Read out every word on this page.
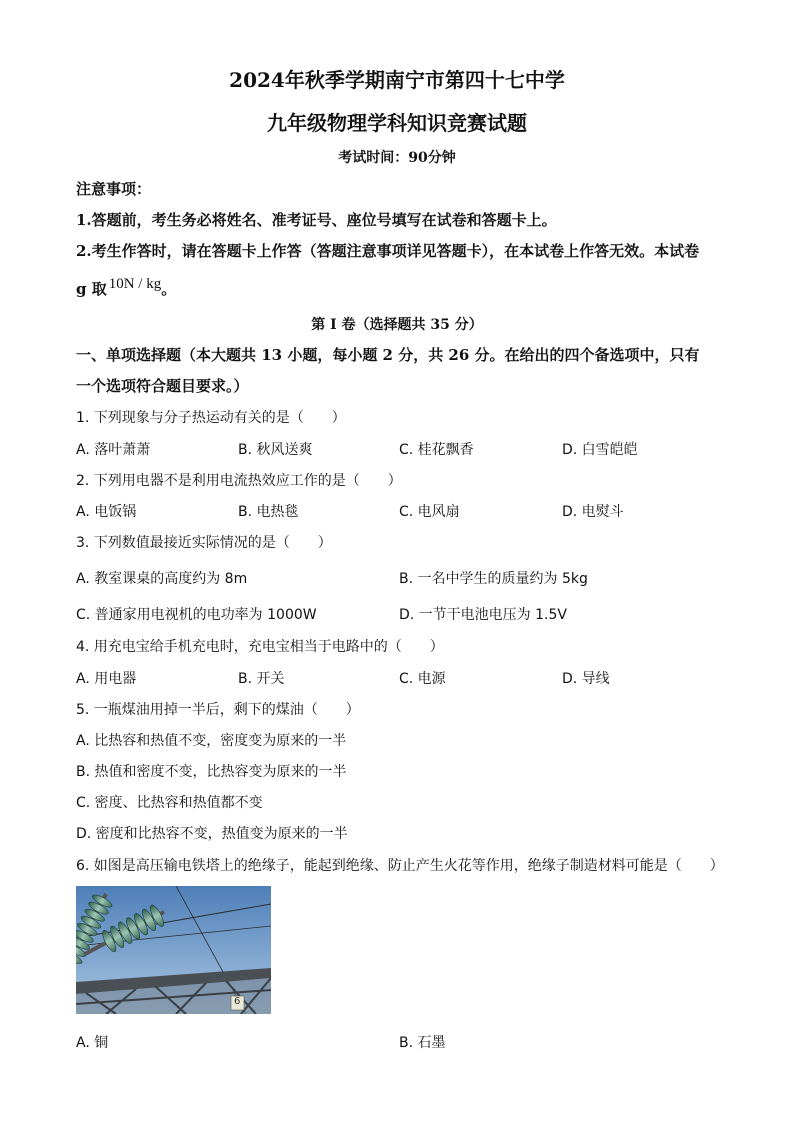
2024年秋季学期南宁市第四十七中学
九年级物理学科知识竞赛试题
考试时间：90分钟
注意事项：
1.答题前，考生务必将姓名、准考证号、座位号填写在试卷和答题卡上。
2.考生作答时，请在答题卡上作答（答题注意事项详见答题卡），在本试卷上作答无效。本试卷
g 取 10N / kg。
第 I 卷（选择题共 35 分）
一、单项选择题（本大题共 13 小题，每小题 2 分，共 26 分。在给出的四个备选项中，只有
一个选项符合题目要求。）
1. 下列现象与分子热运动有关的是（　　）
A. 落叶萧萧	B. 秋风送爽	C. 桂花飘香	D. 白雪皑皑
2. 下列用电器不是利用电流热效应工作的是（　　）
A. 电饭锅	B. 电热毯	C. 电风扇	D. 电熨斗
3. 下列数值最接近实际情况的是（　　）
A. 教室课桌的高度约为 8m	B. 一名中学生的质量约为 5kg
C. 普通家用电视机的电功率为 1000W	D. 一节干电池电压为 1.5V
4. 用充电宝给手机充电时，充电宝相当于电路中的（　　）
A. 用电器	B. 开关	C. 电源	D. 导线
5. 一瓶煤油用掉一半后，剩下的煤油（　　）
A. 比热容和热值不变，密度变为原来的一半
B. 热值和密度不变，比热容变为原来的一半
C. 密度、比热容和热值都不变
D. 密度和比热容不变，热值变为原来的一半
6. 如图是高压输电铁塔上的绝缘子，能起到绝缘、防止产生火花等作用，绝缘子制造材料可能是（　　）
6
A. 铜	B. 石墨
